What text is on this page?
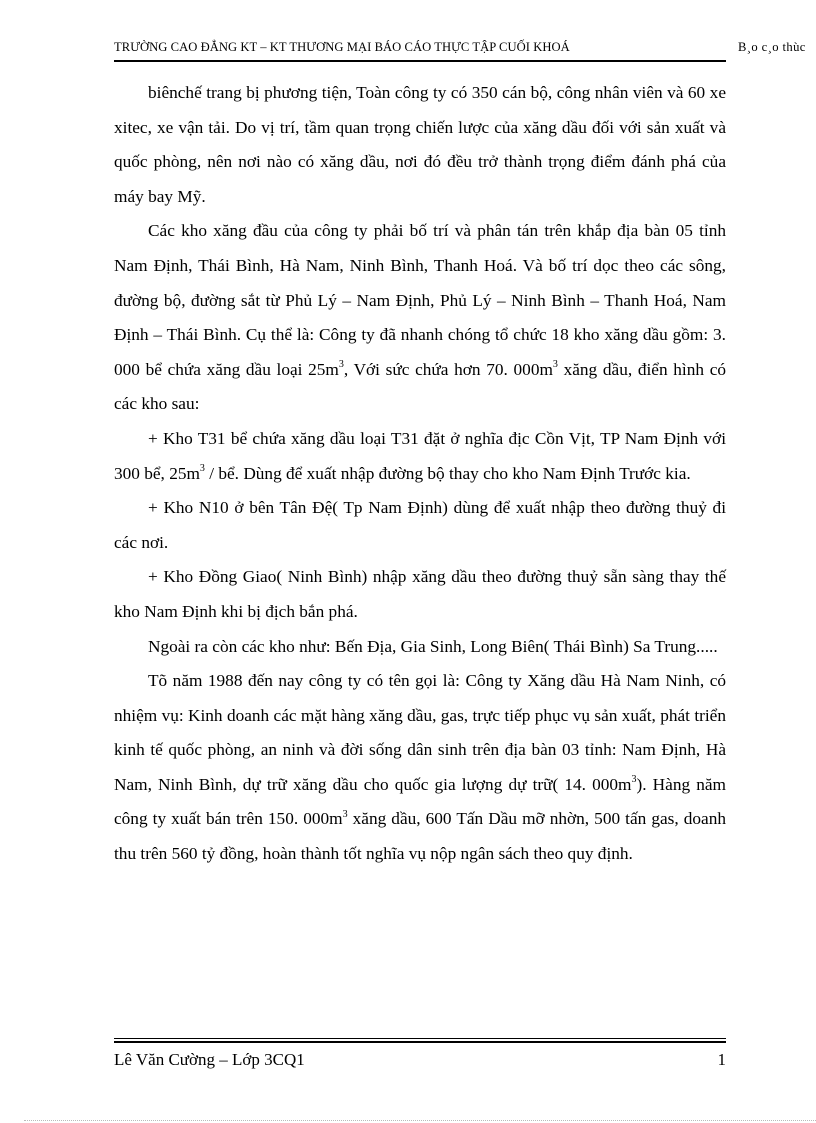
TRƯỜNG CAO ĐẲNG KT – KT THƯƠNG MẠI BÁO CÁO THỰC TẬP CUỐI KHOÁ	B¸o c¸o thùc

biênchế trang bị phương tiện, Toàn công ty có 350 cán bộ, công nhân viên và 60 xe xitec, xe vận tải. Do vị trí, tầm quan trọng chiến lược của xăng dầu đối với sản xuất và quốc phòng, nên nơi nào có xăng dầu, nơi đó đều trở thành trọng điểm đánh phá của máy bay Mỹ.

Các kho xăng đầu của công ty phải bố trí và phân tán trên khắp địa bàn 05 tỉnh Nam Định, Thái Bình, Hà Nam, Ninh Bình, Thanh Hoá. Và bố trí dọc theo các sông, đường bộ, đường sắt từ Phủ Lý – Nam Định, Phủ Lý – Ninh Bình – Thanh Hoá, Nam Định – Thái Bình. Cụ thể là: Công ty đã nhanh chóng tổ chức 18 kho xăng dầu gồm: 3. 000 bể chứa xăng dầu loại $25m^3$, Với sức chứa hơn 70. $000m^3$ xăng dầu, điển hình có các kho sau:

+ Kho T31 bể chứa xăng dầu loại T31 đặt ở nghĩa địc Cồn Vịt, TP Nam Định với 300 bể, $25m^3$ / bể. Dùng để xuất nhập đường bộ thay cho kho Nam Định Trước kia.

+ Kho N10 ở bên Tân Đệ( Tp Nam Định) dùng để xuất nhập theo đường thuỷ đi các nơi.

+ Kho Đồng Giao( Ninh Bình) nhập xăng dầu theo đường thuỷ sẵn sàng thay thế kho Nam Định khi bị địch bắn phá.

Ngoài ra còn các kho như: Bến Địa, Gia Sinh, Long Biên( Thái Bình) Sa Trung.....

Tõ năm 1988 đến nay công ty có tên gọi là: Công ty Xăng dầu Hà Nam Ninh, có nhiệm vụ: Kinh doanh các mặt hàng xăng dầu, gas, trực tiếp phục vụ sản xuất, phát triển kinh tế quốc phòng, an ninh và đời sống dân sinh trên địa bàn 03 tỉnh: Nam Định, Hà Nam, Ninh Bình, dự trữ xăng dầu cho quốc gia lượng dự trữ( 14. $000m^3$). Hàng năm công ty xuất bán trên 150. $000m^3$ xăng dầu, 600 Tấn Dầu mỡ nhờn, 500 tấn gas, doanh thu trên 560 tỷ đồng, hoàn thành tốt nghĩa vụ nộp ngân sách theo quy định.

Lê Văn Cường – Lớp 3CQ1	1
